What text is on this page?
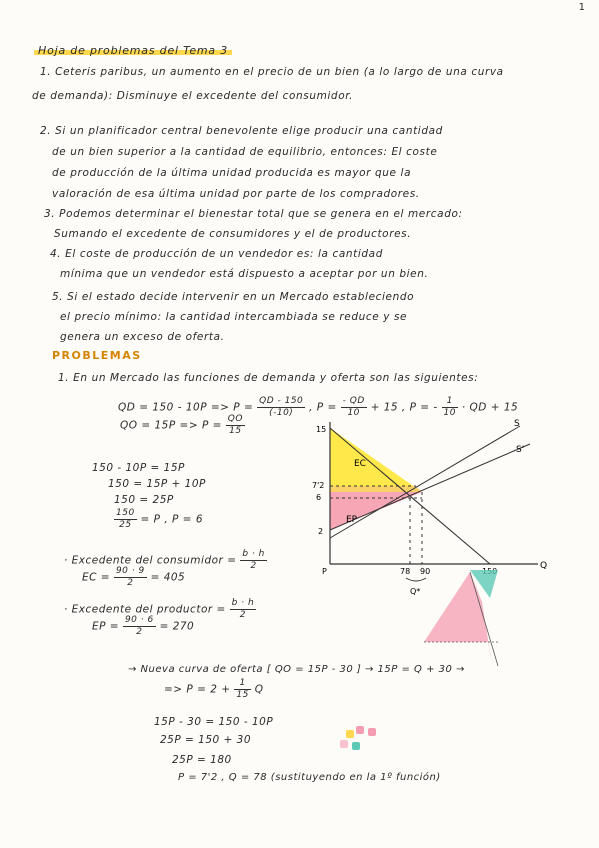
1
Hoja de problemas del Tema 3
1. Ceteris paribus, un aumento en el precio de un bien (a lo largo de una curva
de demanda): Disminuye el excedente del consumidor.
2. Si un planificador central benevolente elige producir una cantidad
de un bien superior a la cantidad de equilibrio, entonces: El coste
de producción de la última unidad producida es mayor que la
valoración de esa última unidad por parte de los compradores.
3. Podemos determinar el bienestar total que se genera en el mercado:
Sumando el excedente de consumidores y el de productores.
4. El coste de producción de un vendedor es: la cantidad
mínima que un vendedor está dispuesto a aceptar por un bien.
5. Si el estado decide intervenir en un Mercado estableciendo
el precio mínimo: la cantidad intercambiada se reduce y se
genera un exceso de oferta.
PROBLEMAS
1. En un Mercado las funciones de demanda y oferta son las siguientes:
QD = $150 - 10P => P = \frac{QD - 150}{(-10)}$ , $P = \frac{- QD}{10} + 15$ , P = - $\frac{1}{10}$ · QD + 15
QO = $15P => P = \frac{QO}{15}$
150 - 10P = 15P
150 = 15P + 10P
150 = 25P
$\frac{150}{25} = P$ , P = 6
· Excedente del consumidor = $\frac{b \cdot h}{2}$
EC = $\frac{90 \cdot 9}{2} = 405$
· Excedente del productor = $\frac{b \cdot h}{2}$
EP = $\frac{90 \cdot 6}{2} = 270$
→ Nueva curva de oferta [ QO = 15P - 30 ] → 15P = Q + 30 →
=> $P = 2 + \frac{1}{15}$ Q
15P - 30 = 150 - 10P
25P = 150 + 30
25P = 180
P = 7'2 , Q = 78 (sustituyendo en la 1º función)
15
7'2
6
2
P	78 90
Q
Q*
EC
EP
S
S'
